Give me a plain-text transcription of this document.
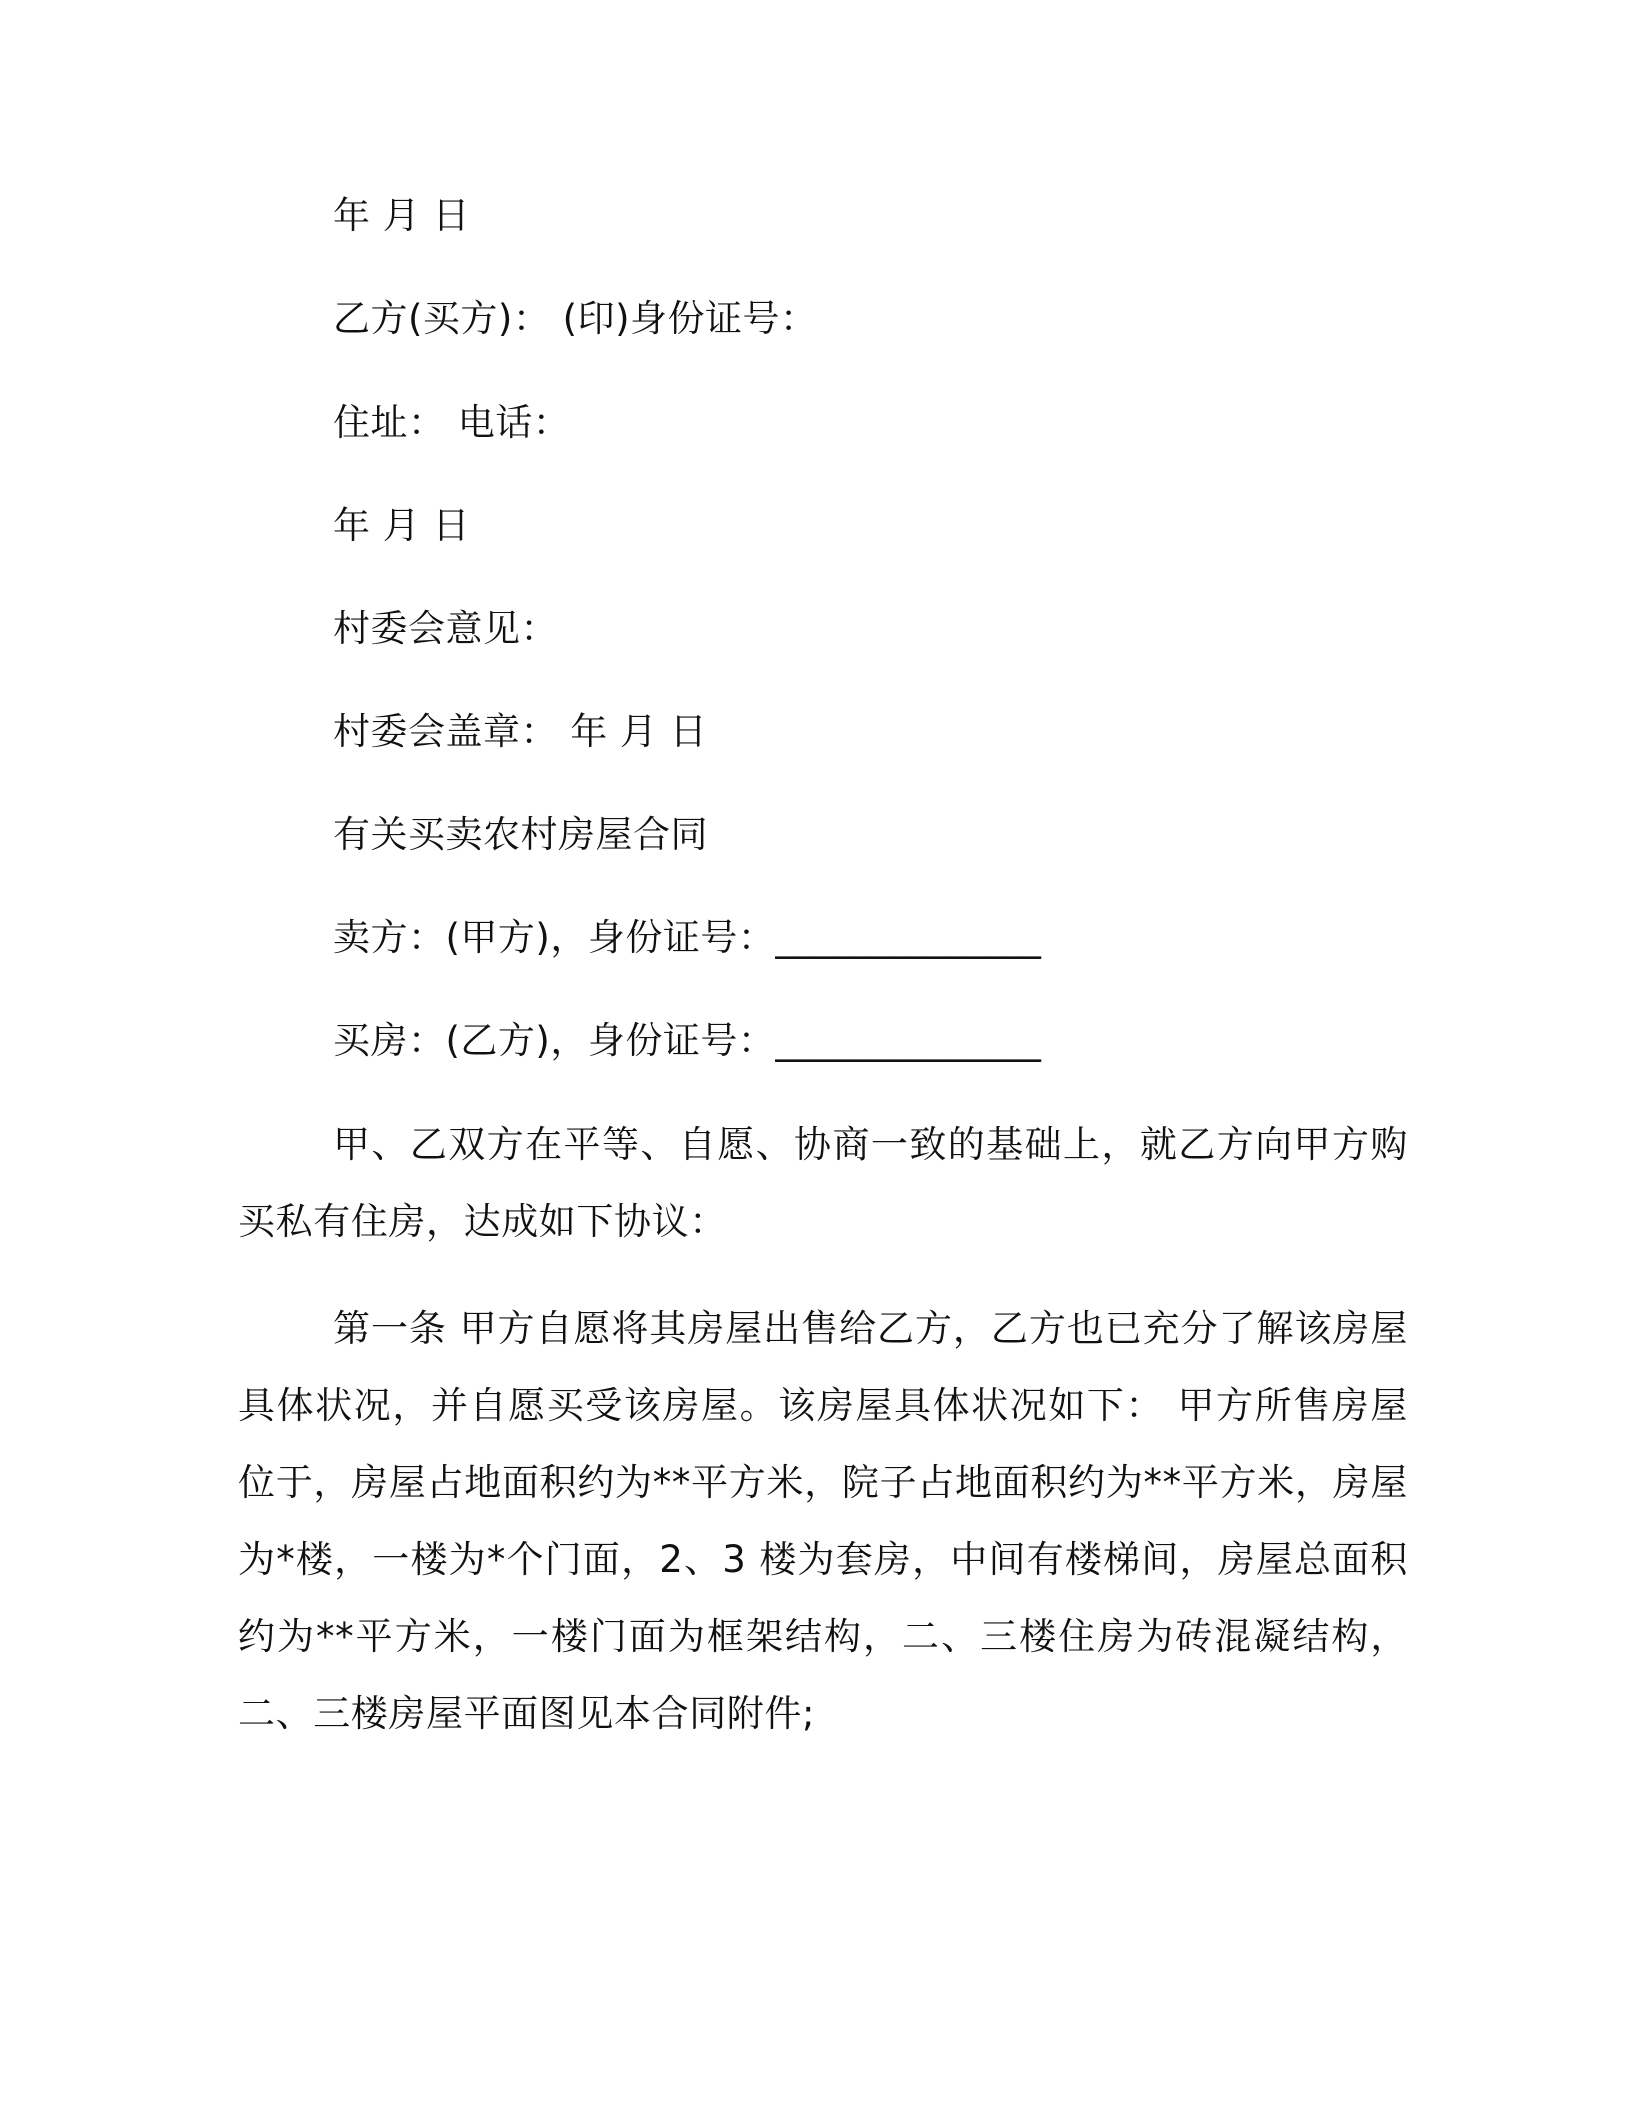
年 月 日
乙方(买方)： (印)身份证号：
住址： 电话：
年 月 日
村委会意见：
村委会盖章： 年 月 日
有关买卖农村房屋合同
卖方：(甲方)，身份证号：______________
买房：(乙方)，身份证号：______________

甲、乙双方在平等、自愿、协商一致的基础上，就乙方向甲方购买私有住房，达成如下协议：

第一条 甲方自愿将其房屋出售给乙方，乙方也已充分了解该房屋具体状况，并自愿买受该房屋。该房屋具体状况如下： 甲方所售房屋位于，房屋占地面积约为**平方米，院子占地面积约为**平方米，房屋为*楼，一楼为*个门面，2、3 楼为套房，中间有楼梯间，房屋总面积约为**平方米，一楼门面为框架结构，二、三楼住房为砖混凝结构，二、三楼房屋平面图见本合同附件;
